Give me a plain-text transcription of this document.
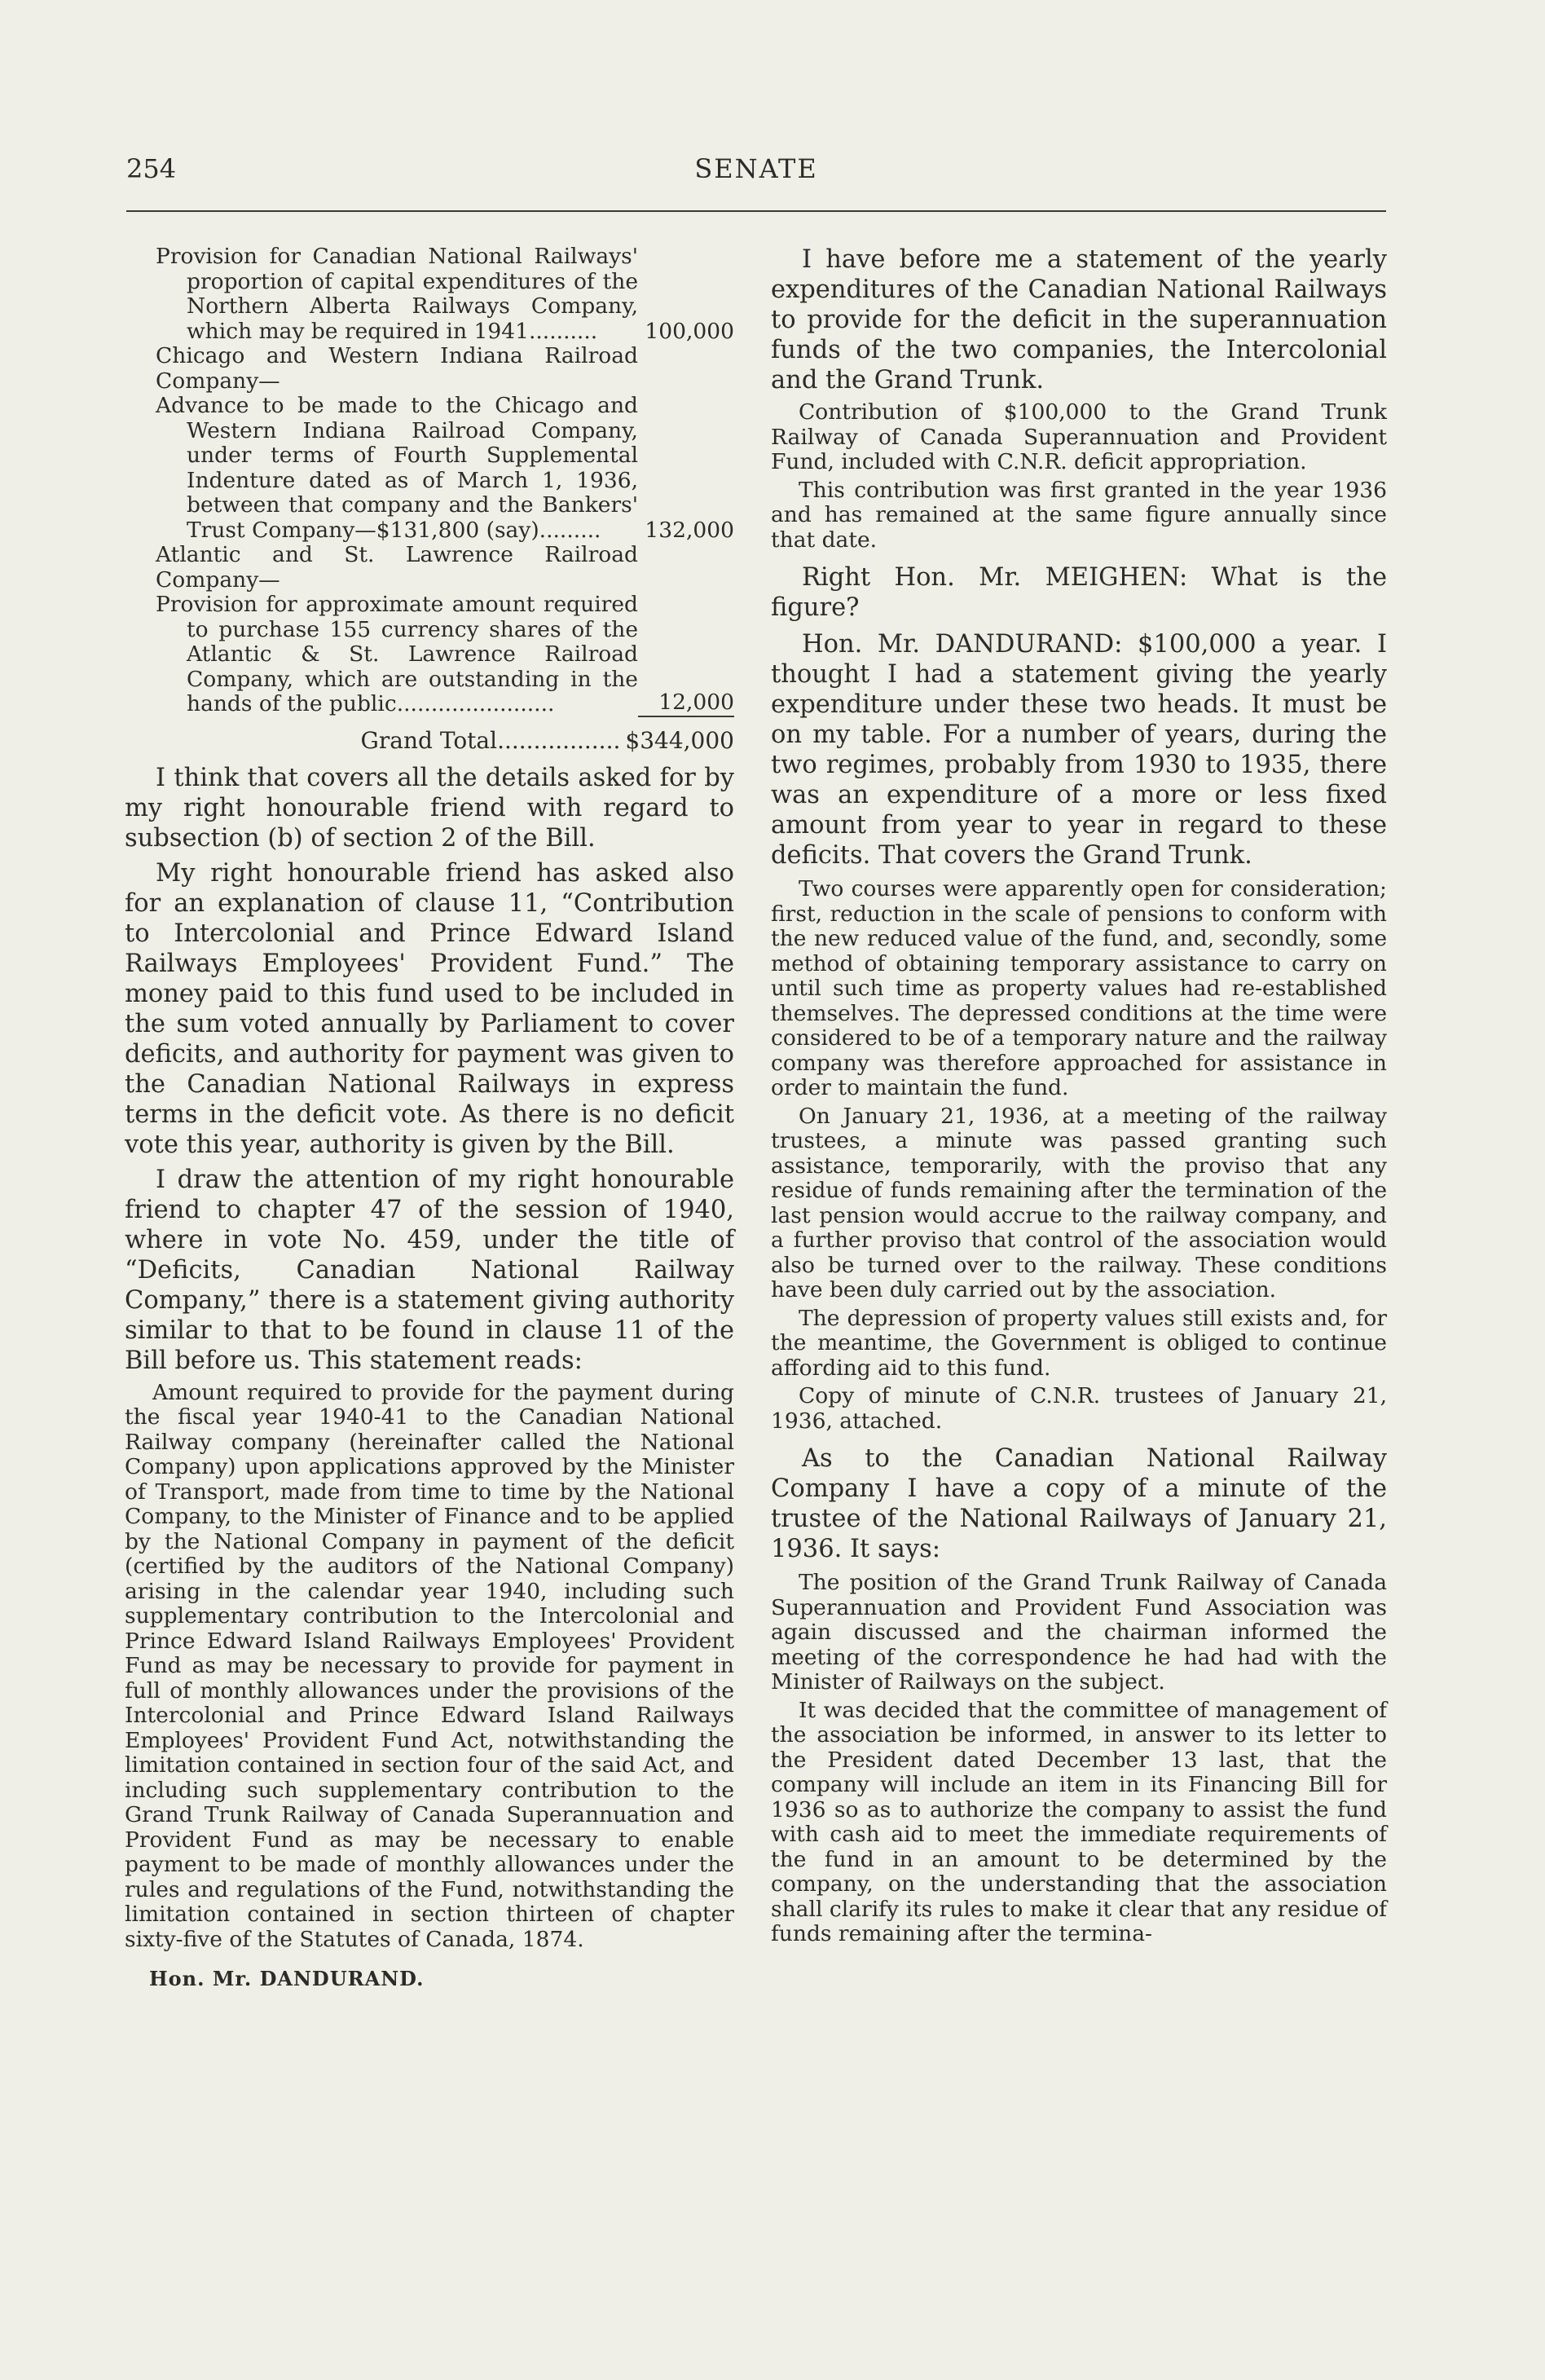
254	SENATE
Provision for Canadian National Railways' proportion of capital expenditures of the Northern Alberta Railways Company, which may be required in 1941..........	100,000
Chicago and Western Indiana Railroad Company—
Advance to be made to the Chicago and Western Indiana Railroad Company, under terms of Fourth Supplemental Indenture dated as of March 1, 1936, between that company and the Bankers' Trust Company—$131,800 (say).........	132,000
Atlantic and St. Lawrence Railroad Company—
Provision for approximate amount required to purchase 155 currency shares of the Atlantic & St. Lawrence Railroad Company, which are outstanding in the hands of the public.......................	12,000
Grand Total................. $344,000

I think that covers all the details asked for by my right honourable friend with regard to subsection (b) of section 2 of the Bill.

My right honourable friend has asked also for an explanation of clause 11, “Contribution to Intercolonial and Prince Edward Island Railways Employees' Provident Fund.” The money paid to this fund used to be included in the sum voted annually by Parliament to cover deficits, and authority for payment was given to the Canadian National Railways in express terms in the deficit vote. As there is no deficit vote this year, authority is given by the Bill.

I draw the attention of my right honourable friend to chapter 47 of the session of 1940, where in vote No. 459, under the title of “Deficits, Canadian National Railway Company,” there is a statement giving authority similar to that to be found in clause 11 of the Bill before us. This statement reads:

Amount required to provide for the payment during the fiscal year 1940-41 to the Canadian National Railway company (hereinafter called the National Company) upon applications approved by the Minister of Transport, made from time to time by the National Company, to the Minister of Finance and to be applied by the National Company in payment of the deficit (certified by the auditors of the National Company) arising in the calendar year 1940, including such supplementary contribution to the Intercolonial and Prince Edward Island Railways Employees' Provident Fund as may be necessary to provide for payment in full of monthly allowances under the provisions of the Intercolonial and Prince Edward Island Railways Employees' Provident Fund Act, notwithstanding the limitation contained in section four of the said Act, and including such supplementary contribution to the Grand Trunk Railway of Canada Superannuation and Provident Fund as may be necessary to enable payment to be made of monthly allowances under the rules and regulations of the Fund, notwithstanding the limitation contained in section thirteen of chapter sixty-five of the Statutes of Canada, 1874.

Hon. Mr. DANDURAND.

I have before me a statement of the yearly expenditures of the Canadian National Railways to provide for the deficit in the superannuation funds of the two companies, the Intercolonial and the Grand Trunk.

Contribution of $100,000 to the Grand Trunk Railway of Canada Superannuation and Provident Fund, included with C.N.R. deficit appropriation.

This contribution was first granted in the year 1936 and has remained at the same figure annually since that date.

Right Hon. Mr. MEIGHEN: What is the figure?

Hon. Mr. DANDURAND: $100,000 a year. I thought I had a statement giving the yearly expenditure under these two heads. It must be on my table. For a number of years, during the two regimes, probably from 1930 to 1935, there was an expenditure of a more or less fixed amount from year to year in regard to these deficits. That covers the Grand Trunk.

Two courses were apparently open for consideration; first, reduction in the scale of pensions to conform with the new reduced value of the fund, and, secondly, some method of obtaining temporary assistance to carry on until such time as property values had re-established themselves. The depressed conditions at the time were considered to be of a temporary nature and the railway company was therefore approached for assistance in order to maintain the fund.

On January 21, 1936, at a meeting of the railway trustees, a minute was passed granting such assistance, temporarily, with the proviso that any residue of funds remaining after the termination of the last pension would accrue to the railway company, and a further proviso that control of the association would also be turned over to the railway. These conditions have been duly carried out by the association.

The depression of property values still exists and, for the meantime, the Government is obliged to continue affording aid to this fund.

Copy of minute of C.N.R. trustees of January 21, 1936, attached.

As to the Canadian National Railway Company I have a copy of a minute of the trustee of the National Railways of January 21, 1936. It says:

The position of the Grand Trunk Railway of Canada Superannuation and Provident Fund Association was again discussed and the chairman informed the meeting of the correspondence he had had with the Minister of Railways on the subject.

It was decided that the committee of management of the association be informed, in answer to its letter to the President dated December 13 last, that the company will include an item in its Financing Bill for 1936 so as to authorize the company to assist the fund with cash aid to meet the immediate requirements of the fund in an amount to be determined by the company, on the understanding that the association shall clarify its rules to make it clear that any residue of funds remaining after the termina-
